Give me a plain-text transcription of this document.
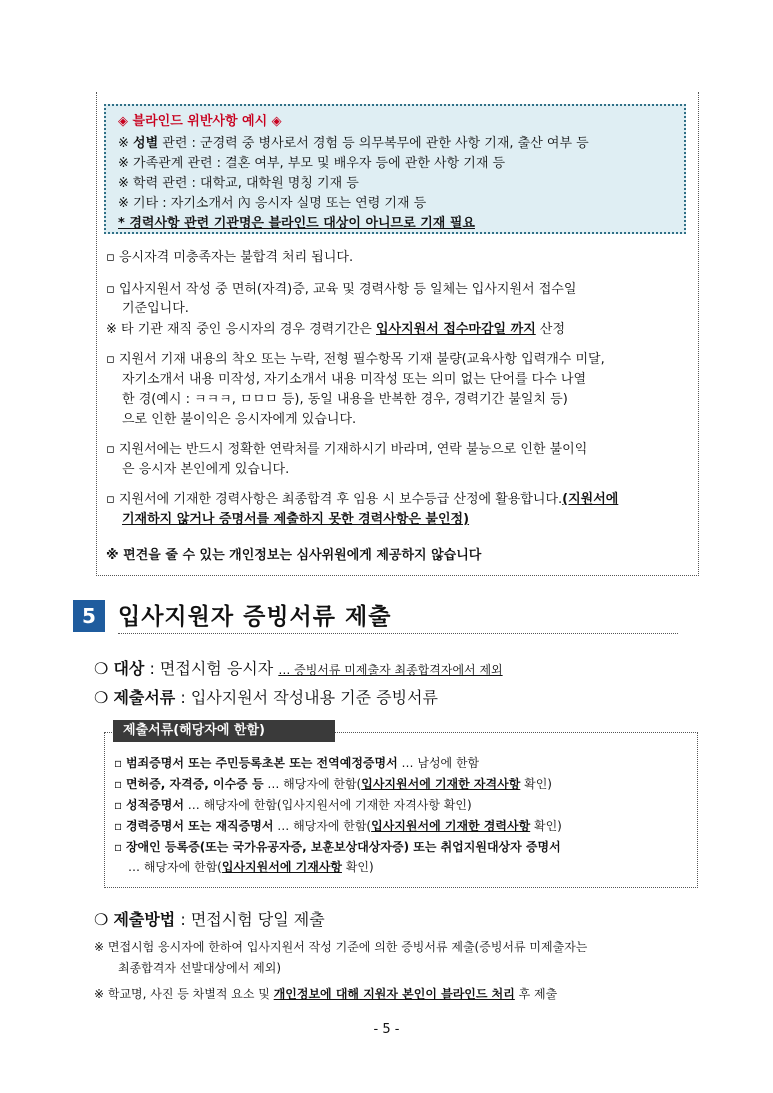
◈ 블라인드 위반사항 예시 ◈
※ 성별 관련 : 군경력 중 병사로서 경험 등 의무복무에 관한 사항 기재, 출산 여부 등
※ 가족관계 관련 : 결혼 여부, 부모 및 배우자 등에 관한 사항 기재 등
※ 학력 관련 : 대학교, 대학원 명칭 기재 등
※ 기타 : 자기소개서 內 응시자 실명 또는 연령 기재 등
* 경력사항 관련 기관명은 블라인드 대상이 아니므로 기재 필요
▫ 응시자격 미충족자는 불합격 처리 됩니다.
▫ 입사지원서 작성 중 면허(자격)증, 교육 및 경력사항 등 일체는 입사지원서 접수일
기준입니다.
※ 타 기관 재직 중인 응시자의 경우 경력기간은 입사지원서 접수마감일 까지 산정
▫ 지원서 기재 내용의 착오 또는 누락, 전형 필수항목 기재 불량(교육사항 입력개수 미달,
자기소개서 내용 미작성, 자기소개서 내용 미작성 또는 의미 없는 단어를 다수 나열
한 경(예시 : ㅋㅋㅋ, ㅁㅁㅁ 등), 동일 내용을 반복한 경우, 경력기간 불일치 등)
으로 인한 불이익은 응시자에게 있습니다.
▫ 지원서에는 반드시 정확한 연락처를 기재하시기 바라며, 연락 불능으로 인한 불이익
은 응시자 본인에게 있습니다.
▫ 지원서에 기재한 경력사항은 최종합격 후 임용 시 보수등급 산정에 활용합니다.(지원서에
기재하지 않거나 증명서를 제출하지 못한 경력사항은 불인정)
※ 편견을 줄 수 있는 개인정보는 심사위원에게 제공하지 않습니다
5 입사지원자 증빙서류 제출
❍ 대상 : 면접시험 응시자 … 증빙서류 미제출자 최종합격자에서 제외
❍ 제출서류 : 입사지원서 작성내용 기준 증빙서류
제출서류(해당자에 한함)
▫ 범죄증명서 또는 주민등록초본 또는 전역예정증명서 … 남성에 한함
▫ 면허증, 자격증, 이수증 등 … 해당자에 한함(입사지원서에 기재한 자격사항 확인)
▫ 성적증명서 … 해당자에 한함(입사지원서에 기재한 자격사항 확인)
▫ 경력증명서 또는 재직증명서 … 해당자에 한함(입사지원서에 기재한 경력사항 확인)
▫ 장애인 등록증(또는 국가유공자증, 보훈보상대상자증) 또는 취업지원대상자 증명서
… 해당자에 한함(입사지원서에 기재사항 확인)
❍ 제출방법 : 면접시험 당일 제출
※ 면접시험 응시자에 한하여 입사지원서 작성 기준에 의한 증빙서류 제출(증빙서류 미제출자는
최종합격자 선발대상에서 제외)
※ 학교명, 사진 등 차별적 요소 및 개인정보에 대해 지원자 본인이 블라인드 처리 후 제출
- 5 -
